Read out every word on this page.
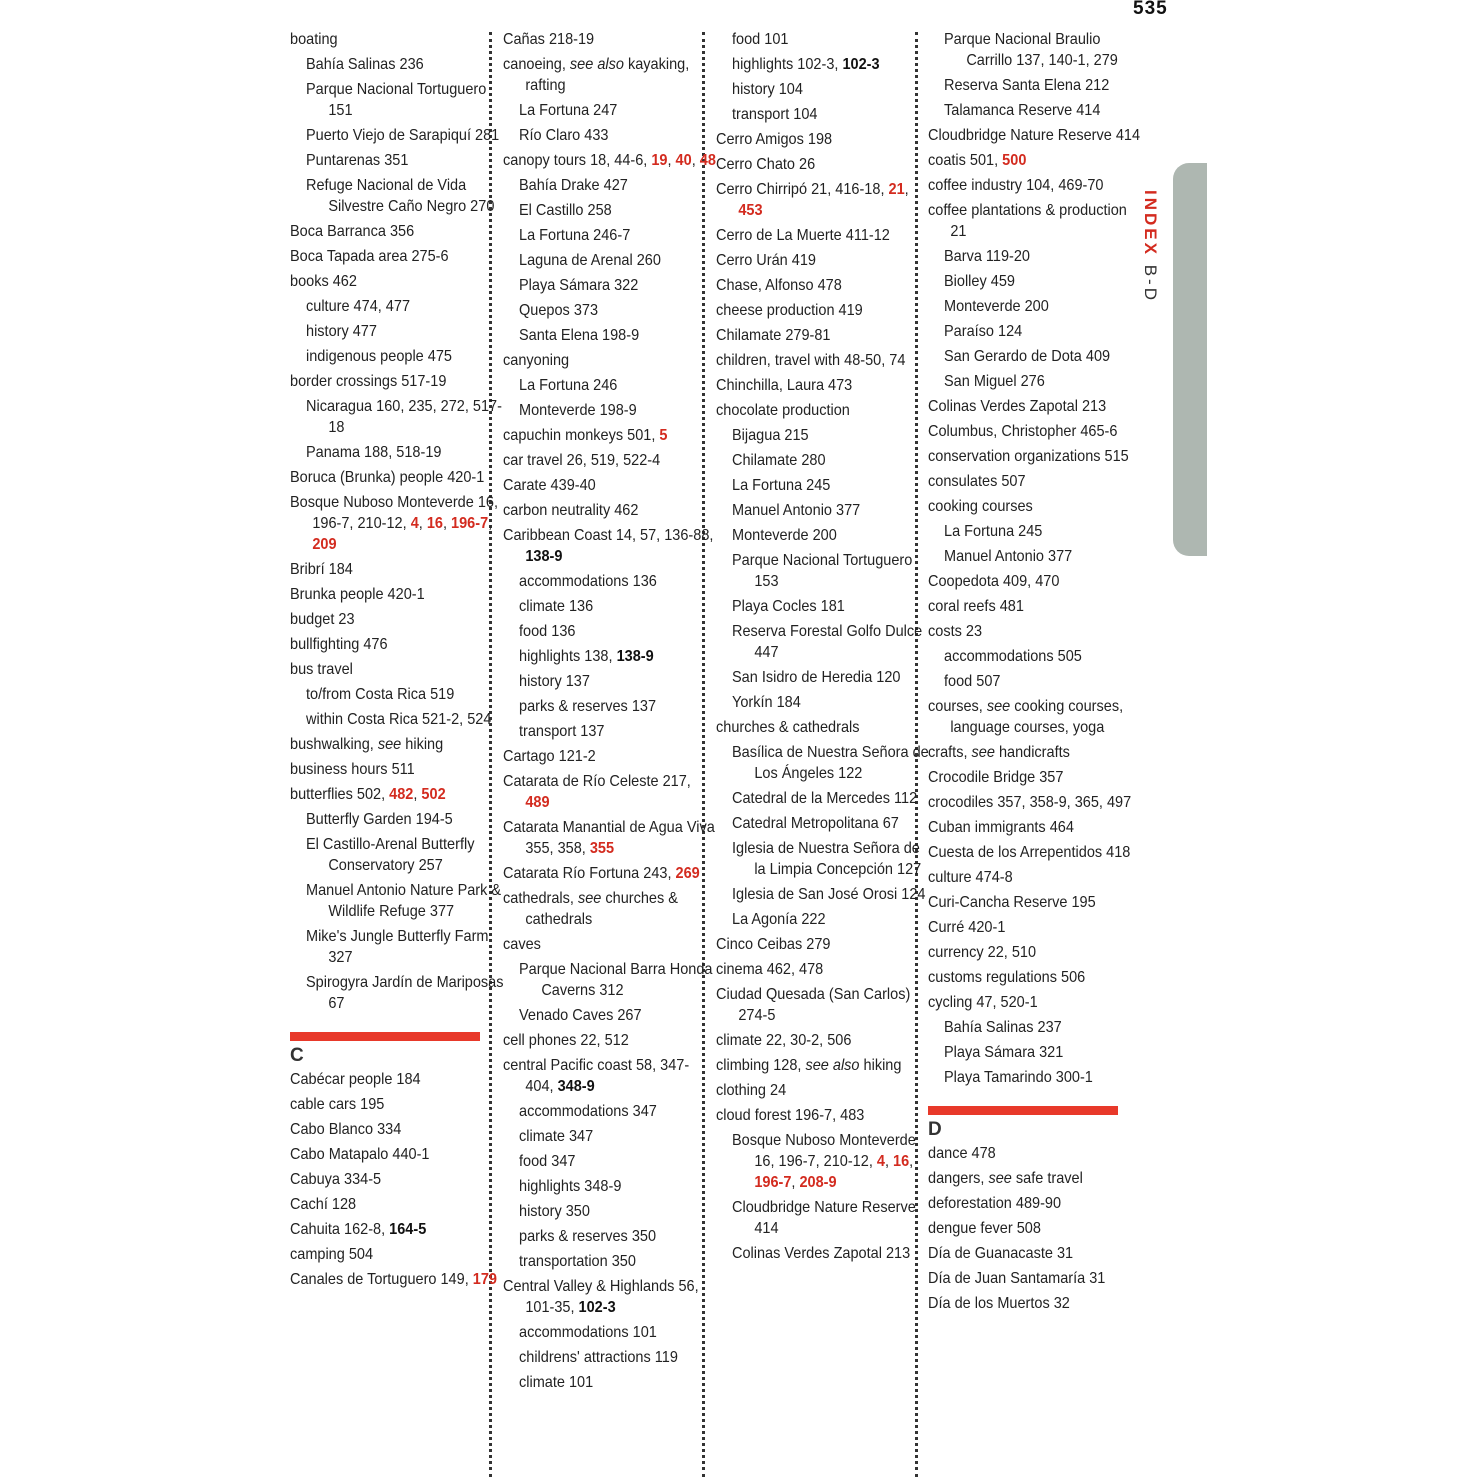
535
INDEX B-D
boating
Bahía Salinas 236
Parque Nacional Tortuguero 151
Puerto Viejo de Sarapiquí 281
Puntarenas 351
Refuge Nacional de Vida Silvestre Caño Negro 270
Boca Barranca 356
Boca Tapada area 275-6
books 462
culture 474, 477
history 477
indigenous people 475
border crossings 517-19
Nicaragua 160, 235, 272, 517-18
Panama 188, 518-19
Boruca (Brunka) people 420-1
Bosque Nuboso Monteverde 16, 196-7, 210-12, 4, 16, 196-7, 209
Bribrí 184
Brunka people 420-1
budget 23
bullfighting 476
bus travel
to/from Costa Rica 519
within Costa Rica 521-2, 524
bushwalking, see hiking
business hours 511
butterflies 502, 482, 502
Butterfly Garden 194-5
El Castillo-Arenal Butterfly Conservatory 257
Manuel Antonio Nature Park & Wildlife Refuge 377
Mike's Jungle Butterfly Farm 327
Spirogyra Jardín de Mariposas 67
C
Cabécar people 184
cable cars 195
Cabo Blanco 334
Cabo Matapalo 440-1
Cabuya 334-5
Cachí 128
Cahuita 162-8, 164-5
camping 504
Canales de Tortuguero 149, 179
Cañas 218-19
canoeing, see also kayaking, rafting
La Fortuna 247
Río Claro 433
canopy tours 18, 44-6, 19, 40, 48
Bahía Drake 427
El Castillo 258
La Fortuna 246-7
Laguna de Arenal 260
Playa Sámara 322
Quepos 373
Santa Elena 198-9
canyoning
La Fortuna 246
Monteverde 198-9
capuchin monkeys 501, 5
car travel 26, 519, 522-4
Carate 439-40
carbon neutrality 462
Caribbean Coast 14, 57, 136-88, 138-9
accommodations 136
climate 136
food 136
highlights 138, 138-9
history 137
parks & reserves 137
transport 137
Cartago 121-2
Catarata de Río Celeste 217, 489
Catarata Manantial de Agua Viva 355, 358, 355
Catarata Río Fortuna 243, 269
cathedrals, see churches & cathedrals
caves
Parque Nacional Barra Honda Caverns 312
Venado Caves 267
cell phones 22, 512
central Pacific coast 58, 347-404, 348-9
accommodations 347
climate 347
food 347
highlights 348-9
history 350
parks & reserves 350
transportation 350
Central Valley & Highlands 56, 101-35, 102-3
accommodations 101
childrens' attractions 119
climate 101
food 101
highlights 102-3, 102-3
history 104
transport 104
Cerro Amigos 198
Cerro Chato 26
Cerro Chirripó 21, 416-18, 21, 453
Cerro de La Muerte 411-12
Cerro Urán 419
Chase, Alfonso 478
cheese production 419
Chilamate 279-81
children, travel with 48-50, 74
Chinchilla, Laura 473
chocolate production
Bijagua 215
Chilamate 280
La Fortuna 245
Manuel Antonio 377
Monteverde 200
Parque Nacional Tortuguero 153
Playa Cocles 181
Reserva Forestal Golfo Dulce 447
San Isidro de Heredia 120
Yorkín 184
churches & cathedrals
Basílica de Nuestra Señora de Los Ángeles 122
Catedral de la Mercedes 112
Catedral Metropolitana 67
Iglesia de Nuestra Señora de la Limpia Concepción 127
Iglesia de San José Orosi 124
La Agonía 222
Cinco Ceibas 279
cinema 462, 478
Ciudad Quesada (San Carlos) 274-5
climate 22, 30-2, 506
climbing 128, see also hiking
clothing 24
cloud forest 196-7, 483
Bosque Nuboso Monteverde 16, 196-7, 210-12, 4, 16, 196-7, 208-9
Cloudbridge Nature Reserve 414
Colinas Verdes Zapotal 213
Parque Nacional Braulio Carrillo 137, 140-1, 279
Reserva Santa Elena 212
Talamanca Reserve 414
Cloudbridge Nature Reserve 414
coatis 501, 500
coffee industry 104, 469-70
coffee plantations & production 21
Barva 119-20
Biolley 459
Monteverde 200
Paraíso 124
San Gerardo de Dota 409
San Miguel 276
Colinas Verdes Zapotal 213
Columbus, Christopher 465-6
conservation organizations 515
consulates 507
cooking courses
La Fortuna 245
Manuel Antonio 377
Coopedota 409, 470
coral reefs 481
costs 23
accommodations 505
food 507
courses, see cooking courses, language courses, yoga
crafts, see handicrafts
Crocodile Bridge 357
crocodiles 357, 358-9, 365, 497
Cuban immigrants 464
Cuesta de los Arrepentidos 418
culture 474-8
Curi-Cancha Reserve 195
Curré 420-1
currency 22, 510
customs regulations 506
cycling 47, 520-1
Bahía Salinas 237
Playa Sámara 321
Playa Tamarindo 300-1
D
dance 478
dangers, see safe travel
deforestation 489-90
dengue fever 508
Día de Guanacaste 31
Día de Juan Santamaría 31
Día de los Muertos 32
